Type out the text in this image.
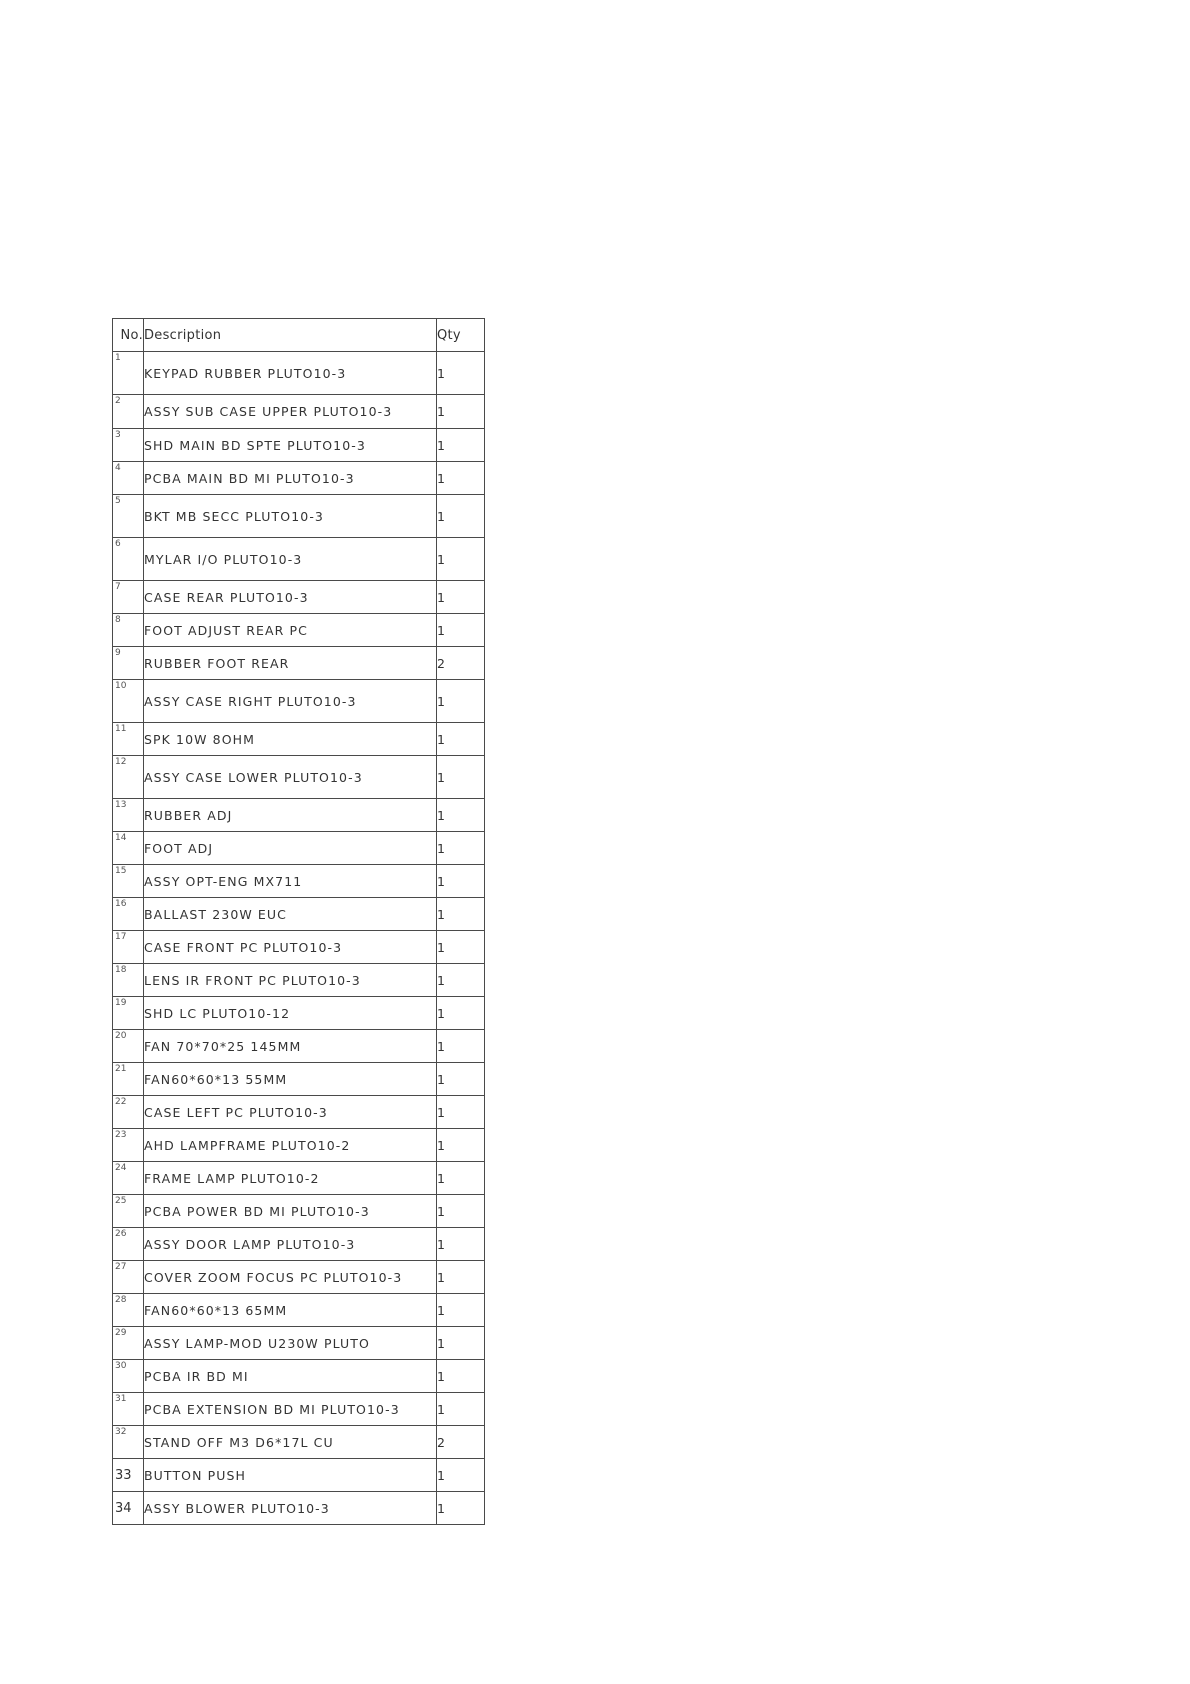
No.	Description	Qty

1	KEYPAD RUBBER PLUTO10-3	1

2	ASSY SUB CASE UPPER PLUTO10-3	1

3	SHD MAIN BD SPTE PLUTO10-3	1

4	PCBA MAIN BD MI PLUTO10-3	1

5	BKT MB SECC PLUTO10-3	1

6	MYLAR I/O PLUTO10-3	1

7	CASE REAR PLUTO10-3	1

8	FOOT ADJUST REAR PC	1

9	RUBBER FOOT REAR	2

10	ASSY CASE RIGHT PLUTO10-3	1

11	SPK 10W 8OHM	1

12	ASSY CASE LOWER PLUTO10-3	1

13	RUBBER ADJ	1

14	FOOT ADJ	1

15	ASSY OPT-ENG MX711	1

16	BALLAST 230W EUC	1

17	CASE FRONT PC PLUTO10-3	1

18	LENS IR FRONT PC PLUTO10-3	1

19	SHD LC PLUTO10-12	1

20	FAN 70*70*25 145MM	1

21	FAN60*60*13 55MM	1

22	CASE LEFT PC PLUTO10-3	1

23	AHD LAMPFRAME PLUTO10-2	1

24	FRAME LAMP PLUTO10-2	1

25	PCBA POWER BD MI PLUTO10-3	1

26	ASSY DOOR LAMP PLUTO10-3	1

27	COVER ZOOM FOCUS PC PLUTO10-3	1

28	FAN60*60*13 65MM	1

29	ASSY LAMP-MOD U230W PLUTO	1

30	PCBA IR BD MI	1

31	PCBA EXTENSION BD MI PLUTO10-3	1

32	STAND OFF M3 D6*17L CU	2

33	BUTTON PUSH	1

34	ASSY BLOWER PLUTO10-3	1
